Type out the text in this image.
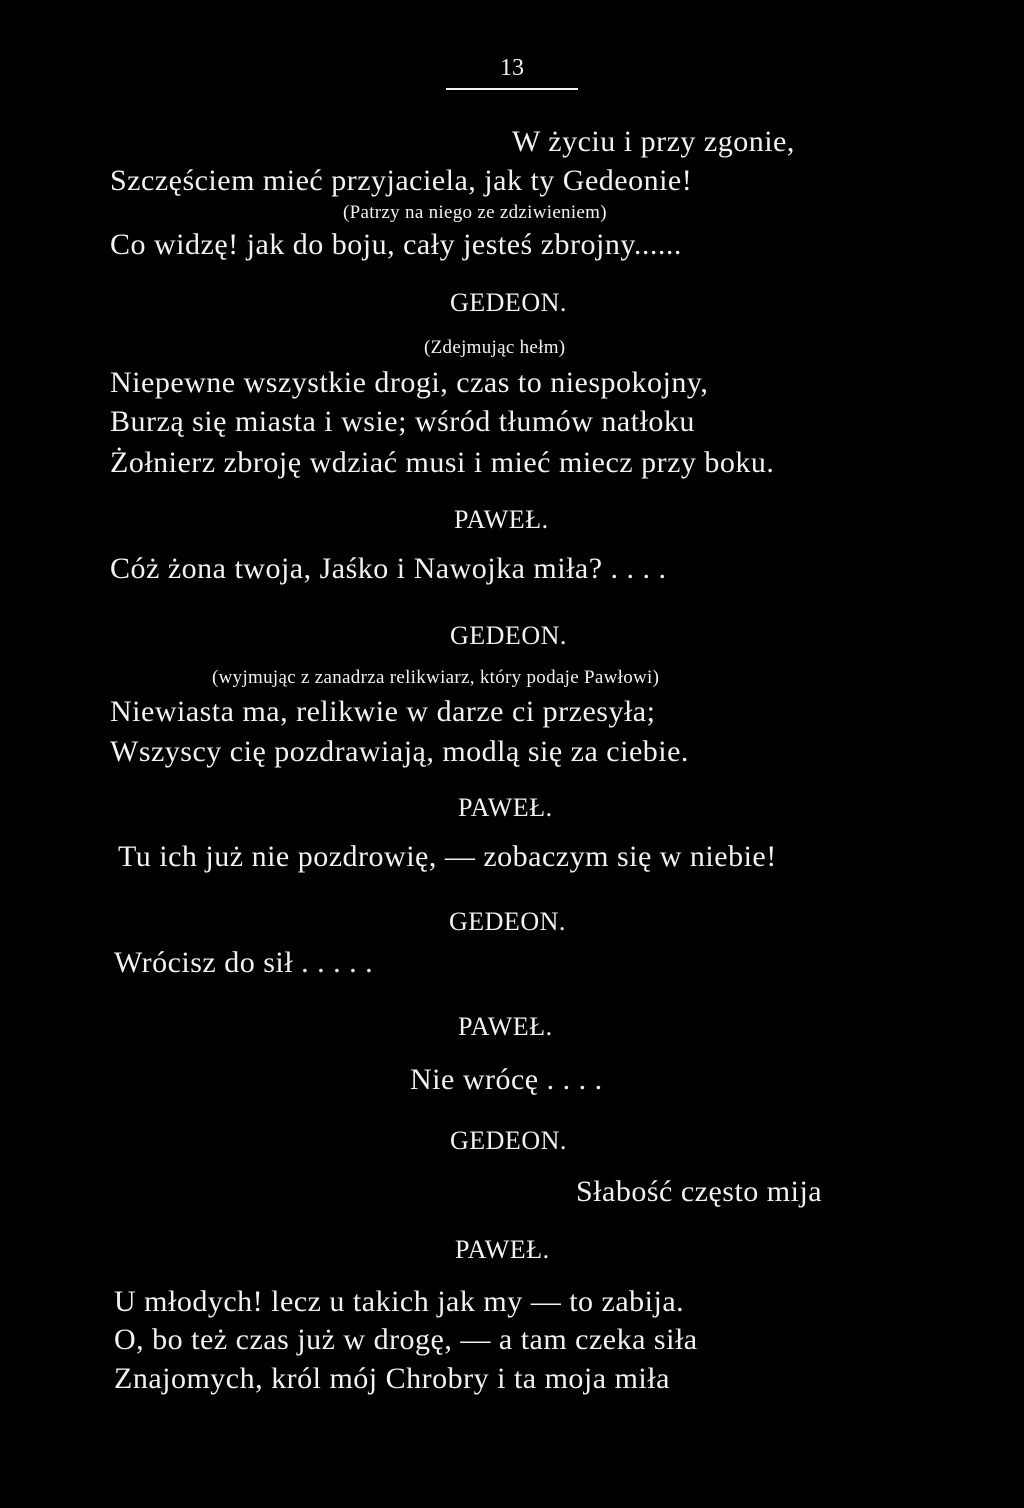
13
W życiu i przy zgonie,
Szczęściem mieć przyjaciela, jak ty Gedeonie!
(Patrzy na niego ze zdziwieniem)
Co widzę! jak do boju, cały jesteś zbrojny......
GEDEON.
(Zdejmując hełm)
Niepewne wszystkie drogi, czas to niespokojny,
Burzą się miasta i wsie; wśród tłumów natłoku
Żołnierz zbroję wdziać musi i mieć miecz przy boku.
PAWEŁ.
Cóż żona twoja, Jaśko i Nawojka miła? . . . .
GEDEON.
(wyjmując z zanadrza relikwiarz, który podaje Pawłowi)
Niewiasta ma, relikwie w darze ci przesyła;
Wszyscy cię pozdrawiają, modlą się za ciebie.
PAWEŁ.
Tu ich już nie pozdrowię, — zobaczym się w niebie!
GEDEON.
Wrócisz do sił . . . . .
PAWEŁ.
Nie wrócę . . . .
GEDEON.
Słabość często mija
PAWEŁ.
U młodych! lecz u takich jak my — to zabija.
O, bo też czas już w drogę, — a tam czeka siła
Znajomych, król mój Chrobry i ta moja miła
